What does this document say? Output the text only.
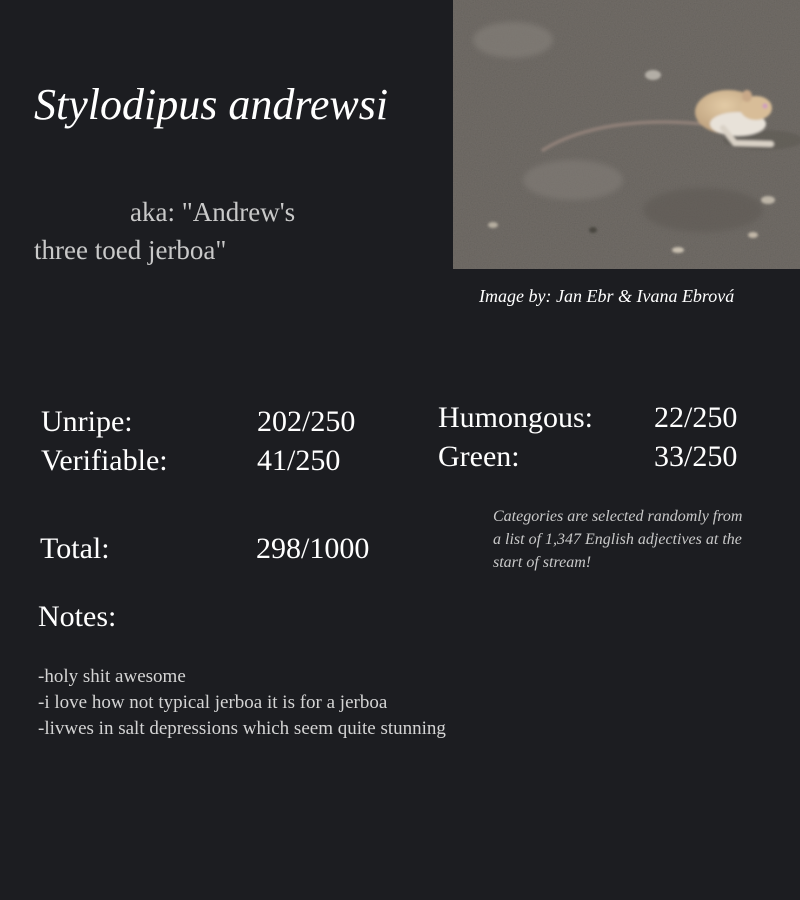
Stylodipus andrewsi

aka: "Andrew's three toed jerboa"

Image by: Jan Ebr & Ivana Ebrová
Unripe:	202/250
Verifiable:	41/250
Humongous: 22/250
Green:	33/250
Total:	298/1000
Categories are selected randomly from a list of 1,347 English adjectives at the start of stream!
Notes:
-holy shit awesome
-i love how not typical jerboa it is for a jerboa
-livwes in salt depressions which seem quite stunning
